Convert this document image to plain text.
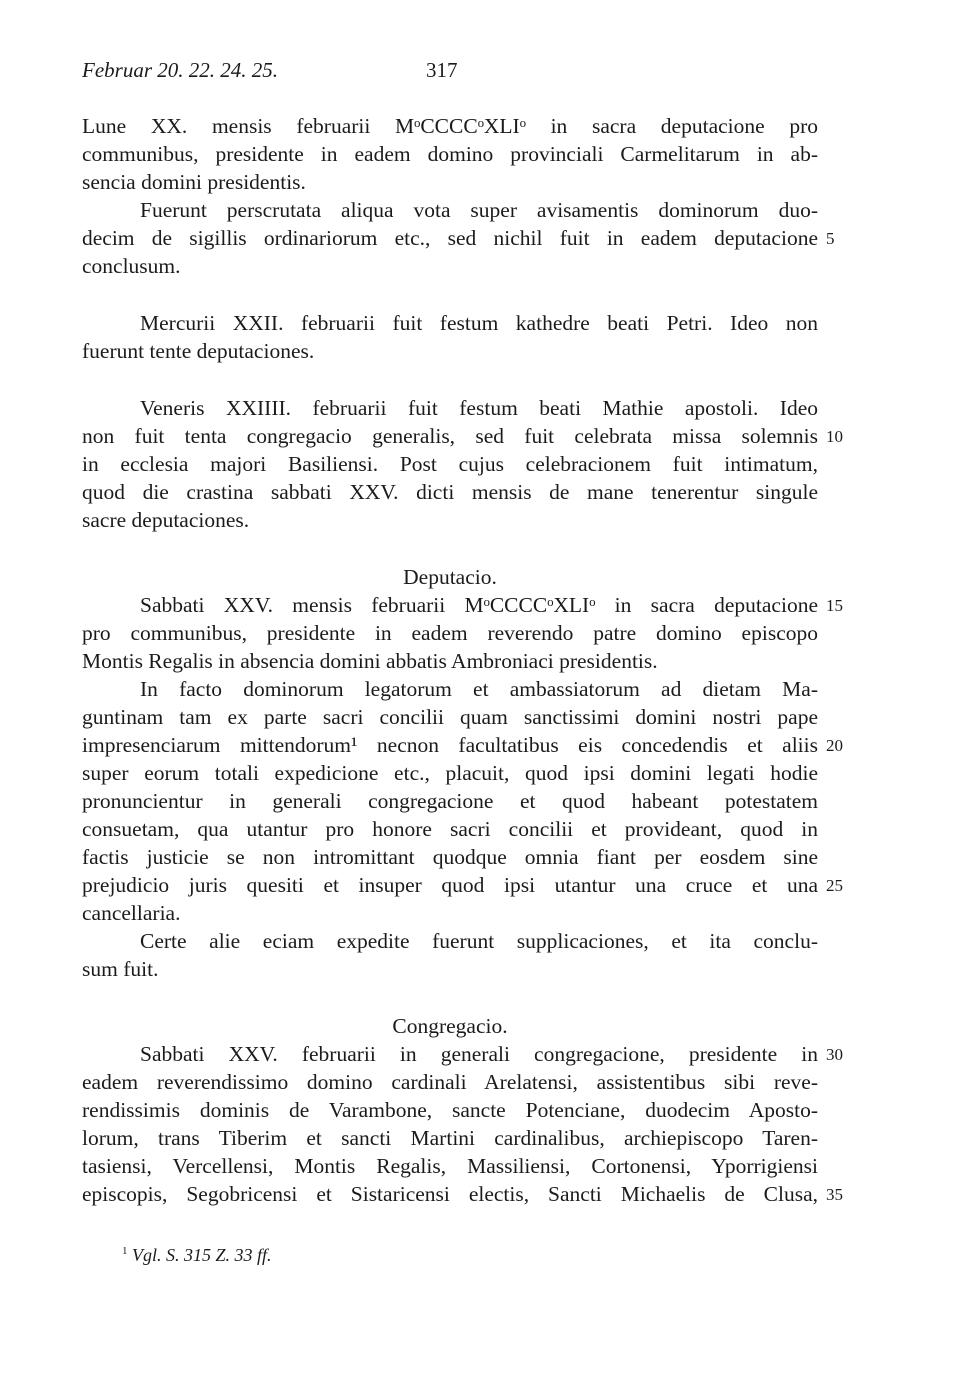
Februar 20. 22. 24. 25.	317
Lune XX. mensis februarii MᵒCCCCᵒXLIᵒ in sacra deputacione pro
communibus, presidente in eadem domino provinciali Carmelitarum in ab-
sencia domini presidentis.
Fuerunt perscrutata aliqua vota super avisamentis dominorum duo-
decim de sigillis ordinariorum etc., sed nichil fuit in eadem deputacione
conclusum.
Mercurii XXII. februarii fuit festum kathedre beati Petri. Ideo non
fuerunt tente deputaciones.
Veneris XXIIII. februarii fuit festum beati Mathie apostoli. Ideo
non fuit tenta congregacio generalis, sed fuit celebrata missa solemnis
in ecclesia majori Basiliensi. Post cujus celebracionem fuit intimatum,
quod die crastina sabbati XXV. dicti mensis de mane tenerentur singule
sacre deputaciones.
Deputacio.
Sabbati XXV. mensis februarii MᵒCCCCᵒXLIᵒ in sacra deputacione
pro communibus, presidente in eadem reverendo patre domino episcopo
Montis Regalis in absencia domini abbatis Ambroniaci presidentis.
In facto dominorum legatorum et ambassiatorum ad dietam Ma-
guntinam tam ex parte sacri concilii quam sanctissimi domini nostri pape
impresenciarum mittendorum¹ necnon facultatibus eis concedendis et aliis
super eorum totali expedicione etc., placuit, quod ipsi domini legati hodie
pronuncientur in generali congregacione et quod habeant potestatem
consuetam, qua utantur pro honore sacri concilii et provideant, quod in
factis justicie se non intromittant quodque omnia fiant per eosdem sine
prejudicio juris quesiti et insuper quod ipsi utantur una cruce et una
cancellaria.
Certe alie eciam expedite fuerunt supplicaciones, et ita conclu-
sum fuit.
Congregacio.
Sabbati XXV. februarii in generali congregacione, presidente in
eadem reverendissimo domino cardinali Arelatensi, assistentibus sibi reve-
rendissimis dominis de Varambone, sancte Potenciane, duodecim Aposto-
lorum, trans Tiberim et sancti Martini cardinalibus, archiepiscopo Taren-
tasiensi, Vercellensi, Montis Regalis, Massiliensi, Cortonensi, Yporrigiensi
episcopis, Segobricensi et Sistaricensi electis, Sancti Michaelis de Clusa,
5
10
15
20
25
30
35
$^1$ Vgl. S. 315 Z. 33 ff.
